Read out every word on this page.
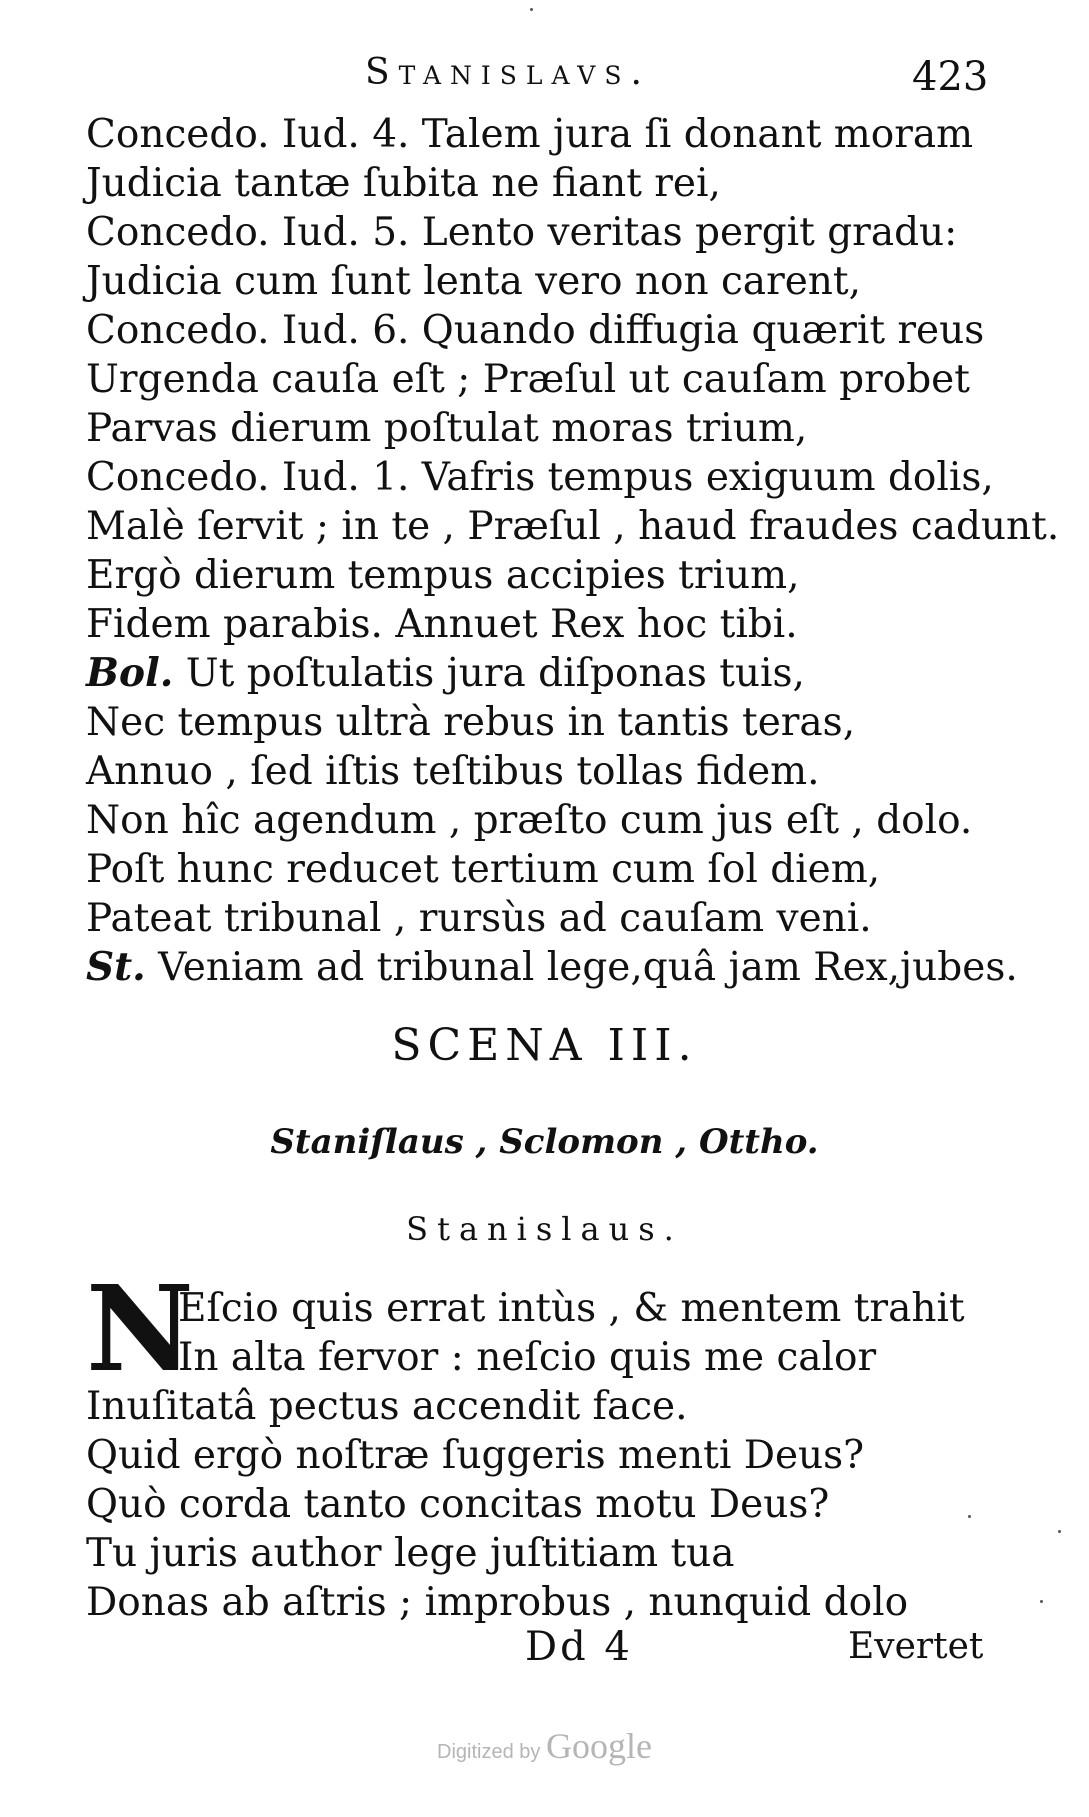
Stanislavs.	423
Concedo. Iud. 4. Talem jura ſi donant moram
Judicia tantæ ſubita ne fiant rei,
Concedo. Iud. 5. Lento veritas pergit gradu:
Judicia cum ſunt lenta vero non carent,
Concedo. Iud. 6. Quando diffugia quærit reus
Urgenda cauſa eſt ; Præſul ut cauſam probet
Parvas dierum poſtulat moras trium,
Concedo. Iud. 1. Vafris tempus exiguum dolis,
Malè ſervit ; in te , Præſul , haud fraudes cadunt.
Ergò dierum tempus accipies trium,
Fidem parabis. Annuet Rex hoc tibi.
Bol. Ut poſtulatis jura diſponas tuis,
Nec tempus ultrà rebus in tantis teras,
Annuo , ſed iſtis teſtibus tollas fidem.
Non hîc agendum , præſto cum jus eſt , dolo.
Poſt hunc reducet tertium cum ſol diem,
Pateat tribunal , rursùs ad cauſam veni.
St. Veniam ad tribunal lege,quâ jam Rex,jubes.
SCENA III.
Staniſlaus , Sclomon , Ottho.
Stanislaus.
N
Eſcio quis errat intùs , & mentem trahit
In alta fervor : neſcio quis me calor
Inuſitatâ pectus accendit face.
Quid ergò noſtræ ſuggeris menti Deus?
Quò corda tanto concitas motu Deus?
Tu juris author lege juſtitiam tua
Donas ab aſtris ; improbus , nunquid dolo
Dd 4	Evertet
Digitized by Google
